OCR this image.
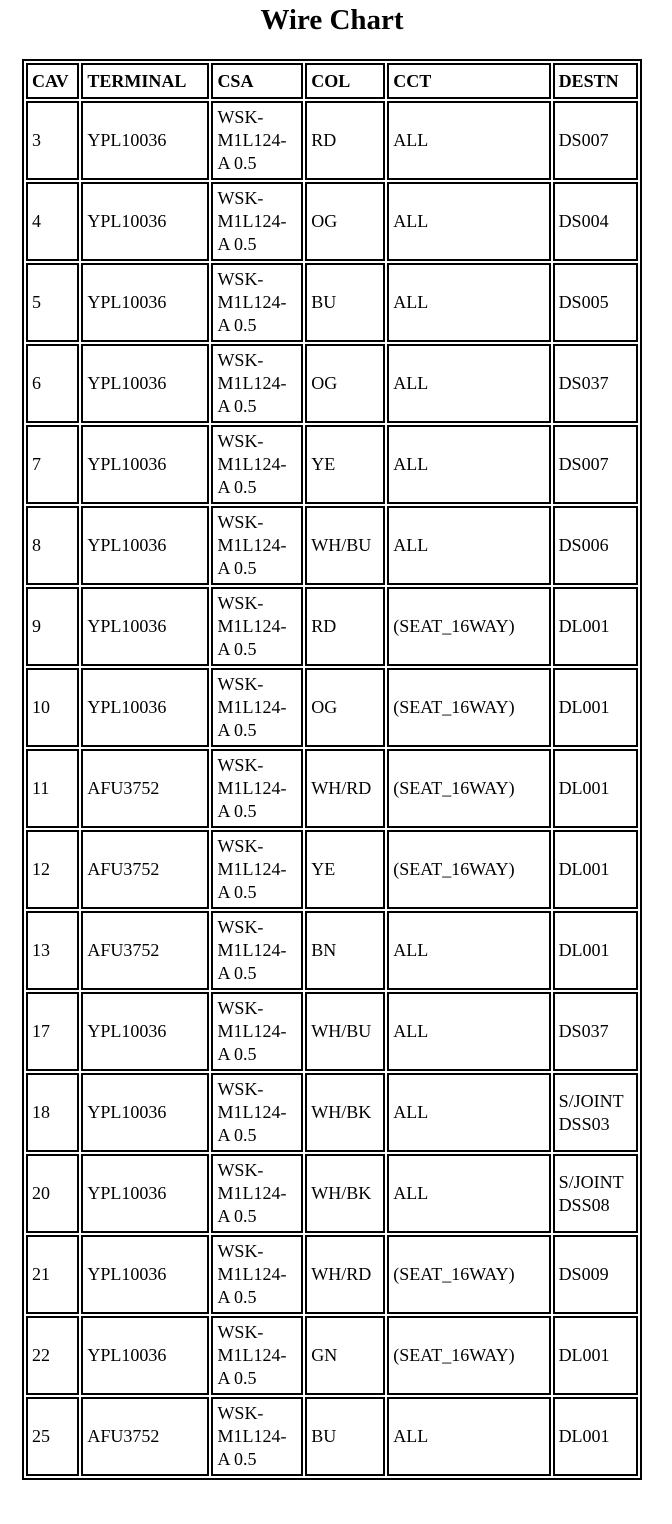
Wire Chart
CAV	TERMINAL	CSA	COL	CCT	DESTN
3	YPL10036	WSK-
M1L124-
A 0.5	RD	ALL	DS007

4	YPL10036	WSK-
M1L124-
A 0.5	OG	ALL	DS004

5	YPL10036	WSK-
M1L124-
A 0.5	BU	ALL	DS005

6	YPL10036	WSK-
M1L124-
A 0.5	OG	ALL	DS037

7	YPL10036	WSK-
M1L124-
A 0.5	YE	ALL	DS007

8	YPL10036	WSK-
M1L124-
A 0.5	WH/BU	ALL	DS006

9	YPL10036	WSK-
M1L124-
A 0.5	RD	(SEAT_16WAY)	DL001

10	YPL10036	WSK-
M1L124-
A 0.5	OG	(SEAT_16WAY)	DL001

11	AFU3752	WSK-
M1L124-
A 0.5	WH/RD	(SEAT_16WAY)	DL001

12	AFU3752	WSK-
M1L124-
A 0.5	YE	(SEAT_16WAY)	DL001

13	AFU3752	WSK-
M1L124-
A 0.5	BN	ALL	DL001

17	YPL10036	WSK-
M1L124-
A 0.5	WH/BU	ALL	DS037

18	YPL10036	WSK-
M1L124-
A 0.5	WH/BK	ALL	S/JOINT
DSS03

20	YPL10036	WSK-
M1L124-
A 0.5	WH/BK	ALL	S/JOINT
DSS08

21	YPL10036	WSK-
M1L124-
A 0.5	WH/RD	(SEAT_16WAY)	DS009

22	YPL10036	WSK-
M1L124-
A 0.5	GN	(SEAT_16WAY)	DL001

25	AFU3752	WSK-
M1L124-
A 0.5	BU	ALL	DL001
